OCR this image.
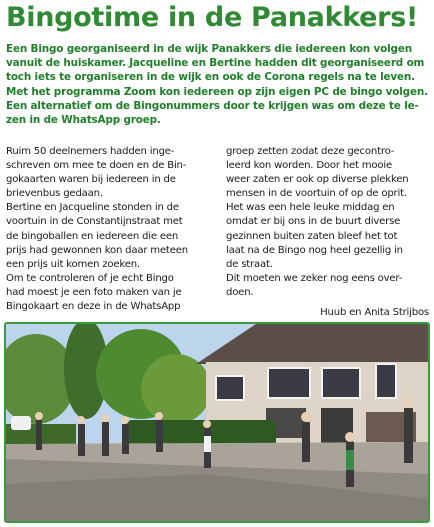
Bingotime in de Panakkers!
Een Bingo georganiseerd in de wijk Panakkers die iedereen kon volgen
vanuit de huiskamer. Jacqueline en Bertine hadden dit georganiseerd om
toch iets te organiseren in de wijk en ook de Corona regels na te leven.
Met het programma Zoom kon iedereen op zijn eigen PC de bingo volgen.
Een alternatief om de Bingonummers door te krijgen was om deze te le-
zen in de WhatsApp groep.

Ruim 50 deelnemers hadden inge-

schreven om mee te doen en de Bin-

gokaarten waren bij iedereen in de

brievenbus gedaan.

Bertine en Jacqueline stonden in de

voortuin in de Constantijnstraat met

de bingoballen en iedereen die een

prijs had gewonnen kon daar meteen

een prijs uit komen zoeken.

Om te controleren of je echt Bingo

had moest je een foto maken van je

Bingokaart en deze in de WhatsApp

groep zetten zodat deze gecontro-

leerd kon worden. Door het mooie

weer zaten er ook op diverse plekken

mensen in de voortuin of op de oprit.

Het was een hele leuke middag en

omdat er bij ons in de buurt diverse

gezinnen buiten zaten bleef het tot

laat na de Bingo nog heel gezellig in

de straat.

Dit moeten we zeker nog eens over-

doen.

Huub en Anita Strijbos
